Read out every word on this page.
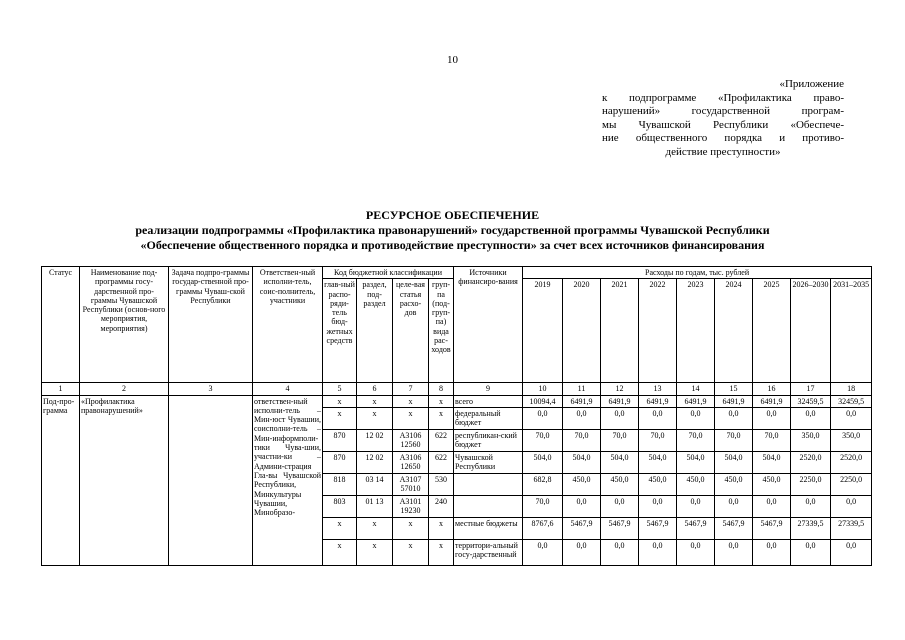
10
«Приложение
к подпрограмме «Профилактика право-
нарушений» государственной програм-
мы Чувашской Республики «Обеспече-
ние общественного порядка и противо-
действие преступности»
РЕСУРСНОЕ ОБЕСПЕЧЕНИЕ
реализации подпрограммы «Профилактика правонарушений» государственной программы Чувашской Республики
«Обеспечение общественного порядка и противодействие преступности» за счет всех источников финансирования
Статус	Наименование под-программы госу-дарственной про-граммы Чувашской Республики (основ-ного мероприятия, мероприятия)	Задача подпро-граммы государ-ственной про-граммы Чуваш-ской Республики	Ответствен-ный исполни-тель, соис-полнитель, участники	Код бюджетной классификации				Источники финансиро-вания	Расходы по годам, тыс. рублей								
				глав-ный распо-ряди-тель бюд-жетных средств	раздел, под-раздел	целе-вая статья расхо-дов	груп-па (под-груп-па) вида рас-ходов		2019	2020	2021	2022	2023	2024	2025	2026–2030	2031–2035
1	2	3	4	5	6	7	8	9	10	11	12	13	14	15	16	17	18
Под-про-грамма	«Профилактика правонарушений»		ответствен-ный исполни-тель – Мин-юст Чувашии, соисполни-тель – Мин-информполи-тики Чува-шии, участни-ки – Админи-страция Гла-вы Чувашской Республики, Минкультуры Чувашии, Минобразо-	x	x	x	x	всего	10094,4	6491,9	6491,9	6491,9	6491,9	6491,9	6491,9	32459,5	32459,5
				x	x	x	x	федеральный бюджет	0,0	0,0	0,0	0,0	0,0	0,0	0,0	0,0	0,0
				870	12 02	А3106 12560	622	республикан-ский бюджет	70,0	70,0	70,0	70,0	70,0	70,0	70,0	350,0	350,0
				870	12 02	А3106 12650	622	Чувашской Республики	504,0	504,0	504,0	504,0	504,0	504,0	504,0	2520,0	2520,0
				818	03 14	А3107 57010	530		682,8	450,0	450,0	450,0	450,0	450,0	450,0	2250,0	2250,0
				803	01 13	А3101 19230	240		70,0	0,0	0,0	0,0	0,0	0,0	0,0	0,0	0,0
				x	x	x	x	местные бюджеты	8767,6	5467,9	5467,9	5467,9	5467,9	5467,9	5467,9	27339,5	27339,5
				x	x	x	x	территори-альный госу-дарственный	0,0	0,0	0,0	0,0	0,0	0,0	0,0	0,0	0,0
